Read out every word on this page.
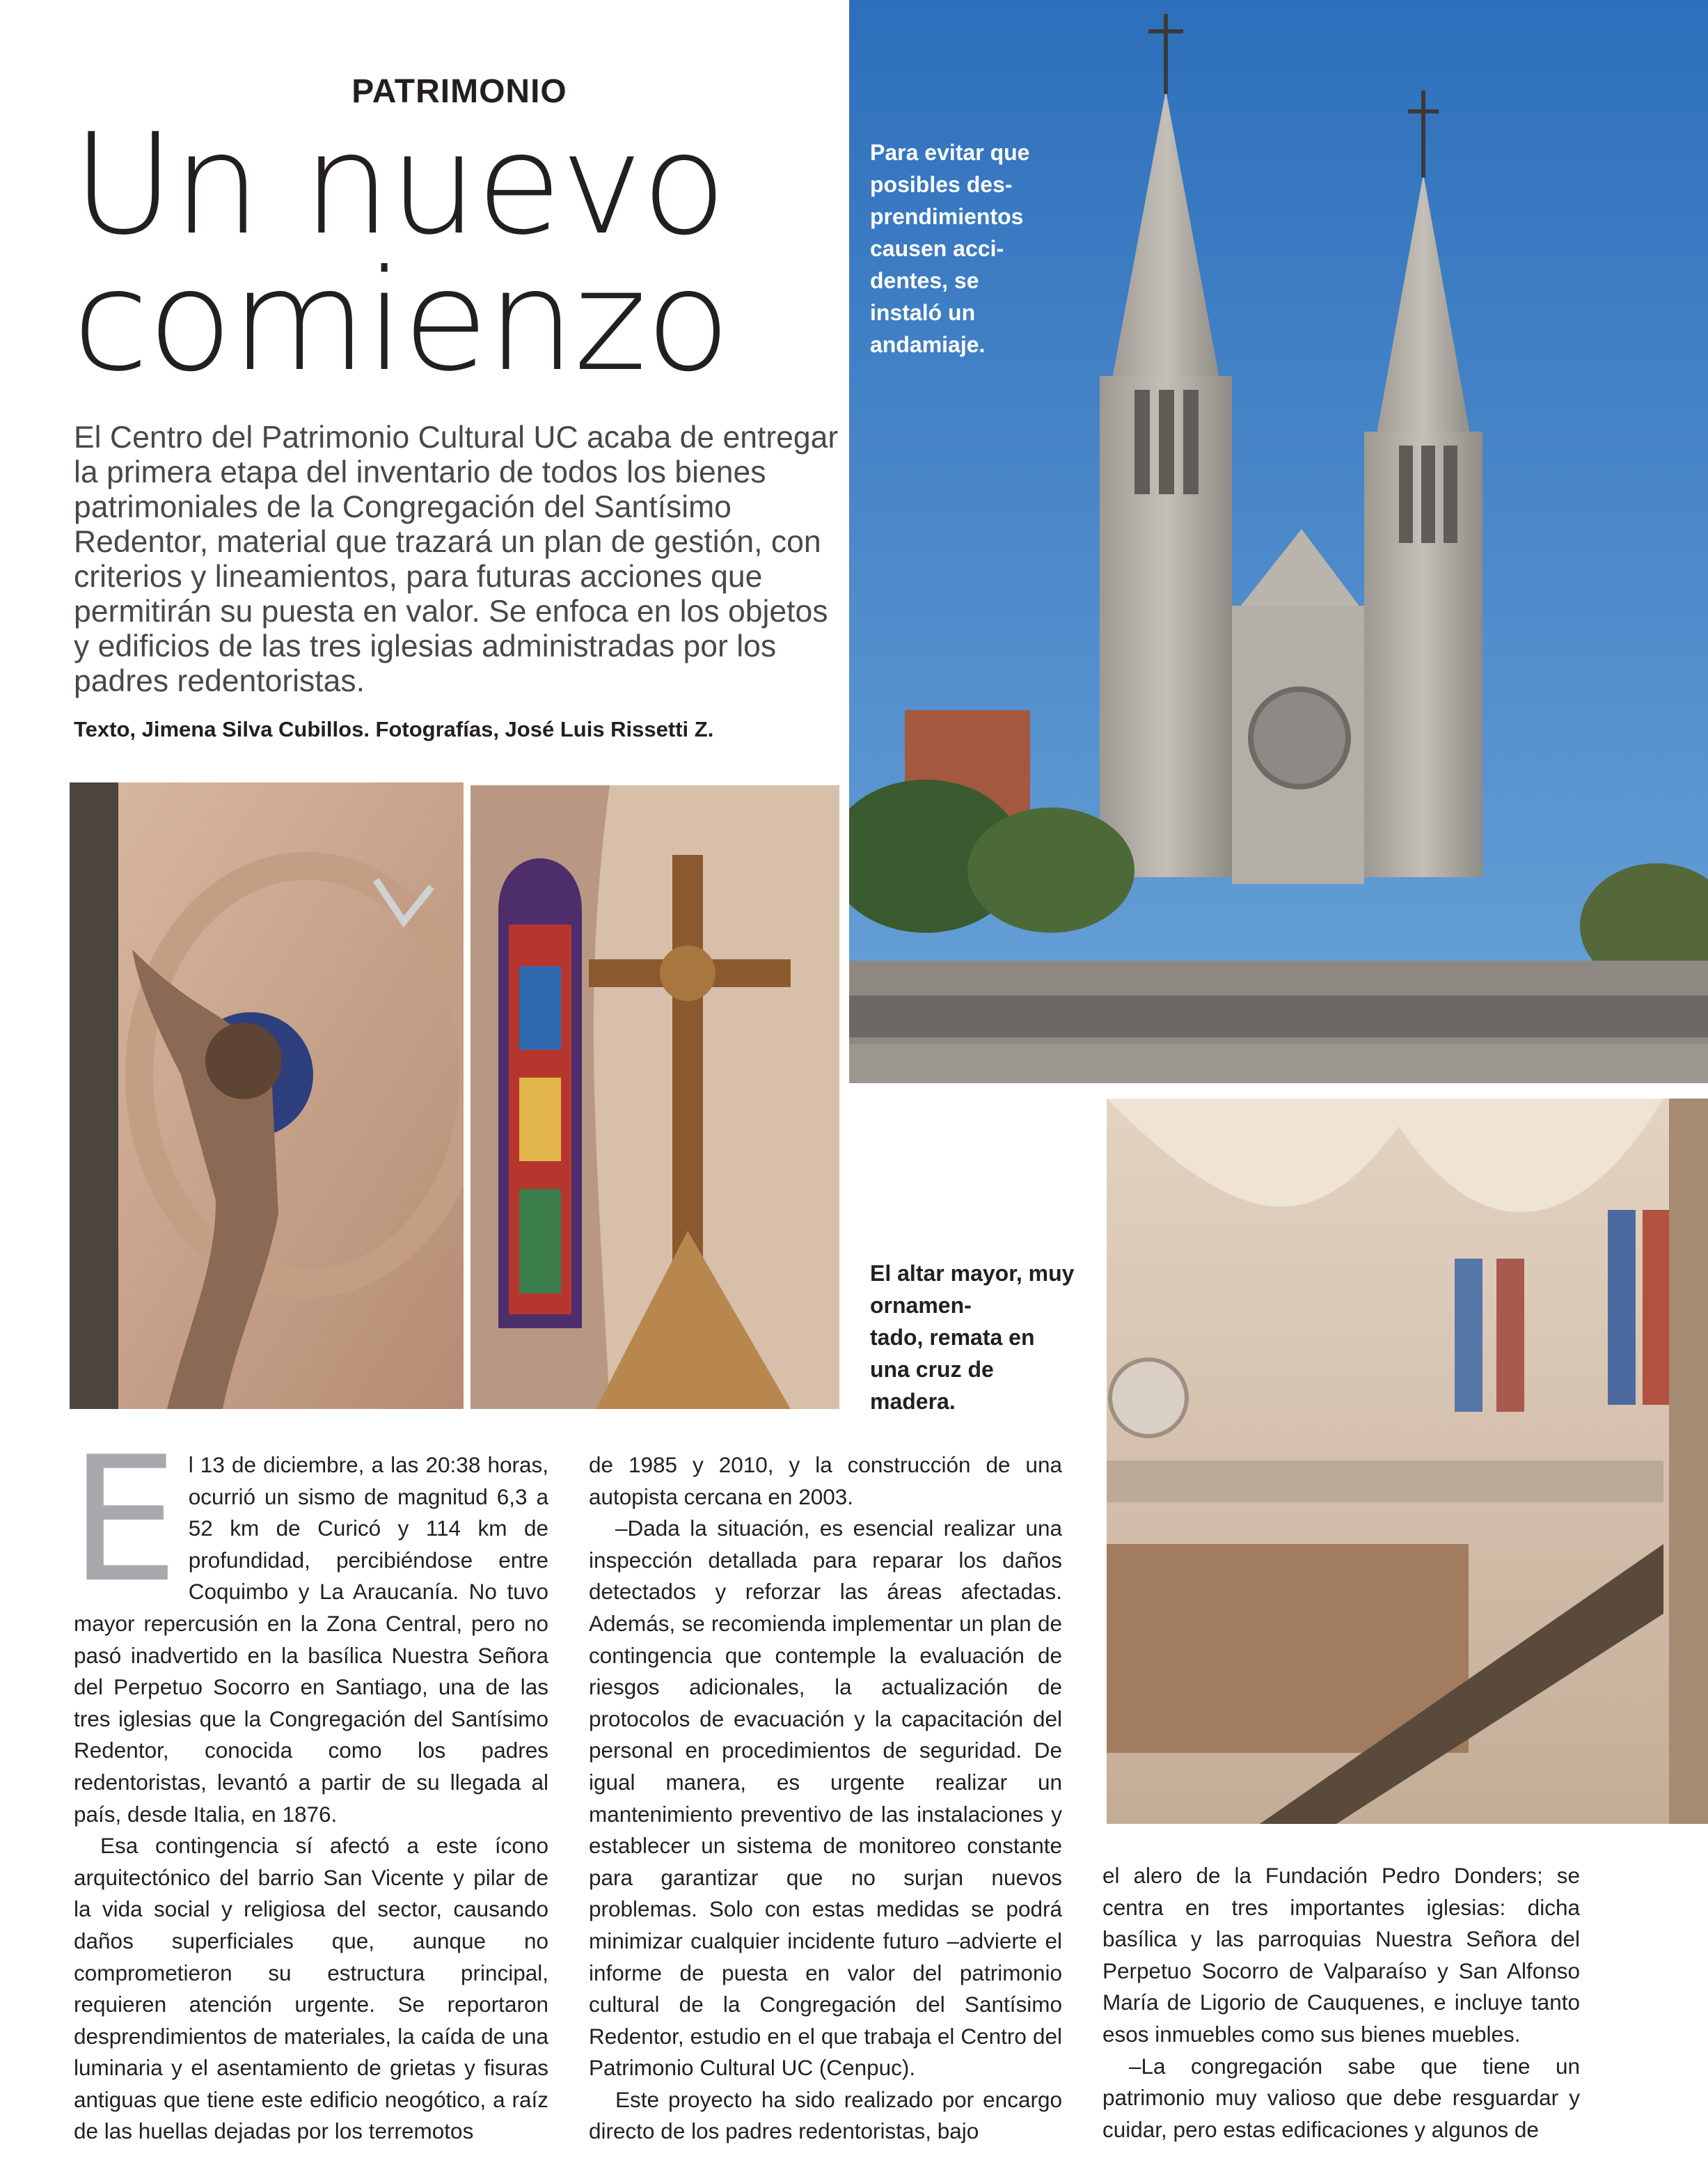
PATRIMONIO
Un nuevo
comienzo
El Centro del Patrimonio Cultural UC acaba de entregar la primera etapa del inventario de todos los bienes patrimoniales de la Congregación del Santísimo Redentor, material que trazará un plan de gestión, con criterios y lineamientos, para futuras acciones que permitirán su puesta en valor. Se enfoca en los objetos y edificios de las tres iglesias administradas por los padres redentoristas.
Texto, Jimena Silva Cubillos. Fotografías, José Luis Rissetti Z.
Para evitar que posibles des-
prendimientos causen acci-
dentes, se instaló un andamiaje.
El altar mayor, muy ornamen-
tado, remata en una cruz de madera.

El 13 de diciembre, a las 20:38 horas, ocurrió un sismo de magnitud 6,3 a 52 km de Curicó y 114 km de profundidad, percibiéndose entre Coquimbo y La Araucanía. No tuvo mayor repercusión en la Zona Central, pero no pasó inadvertido en la basílica Nuestra Señora del Perpetuo Socorro en Santiago, una de las tres iglesias que la Congregación del Santísimo Redentor, conocida como los padres redentoristas, levantó a partir de su llegada al país, desde Italia, en 1876.

Esa contingencia sí afectó a este ícono arquitectónico del barrio San Vicente y pilar de la vida social y religiosa del sector, causando daños superficiales que, aunque no comprometieron su estructura principal, requieren atención urgente. Se reportaron desprendimientos de materiales, la caída de una luminaria y el asentamiento de grietas y fisuras antiguas que tiene este edificio neogótico, a raíz de las huellas dejadas por los terremotos

de 1985 y 2010, y la construcción de una autopista cercana en 2003.

–Dada la situación, es esencial realizar una inspección detallada para reparar los daños detectados y reforzar las áreas afectadas. Además, se recomienda implementar un plan de contingencia que contemple la evaluación de riesgos adicionales, la actualización de protocolos de evacuación y la capacitación del personal en procedimientos de seguridad. De igual manera, es urgente realizar un mantenimiento preventivo de las instalaciones y establecer un sistema de monitoreo constante para garantizar que no surjan nuevos problemas. Solo con estas medidas se podrá minimizar cualquier incidente futuro –advierte el informe de puesta en valor del patrimonio cultural de la Congregación del Santísimo Redentor, estudio en el que trabaja el Centro del Patrimonio Cultural UC (Cenpuc).

Este proyecto ha sido realizado por encargo directo de los padres redentoristas, bajo

el alero de la Fundación Pedro Donders; se centra en tres importantes iglesias: dicha basílica y las parroquias Nuestra Señora del Perpetuo Socorro de Valparaíso y San Alfonso María de Ligorio de Cauquenes, e incluye tanto esos inmuebles como sus bienes muebles.

–La congregación sabe que tiene un patrimonio muy valioso que debe resguardar y cuidar, pero estas edificaciones y algunos de
